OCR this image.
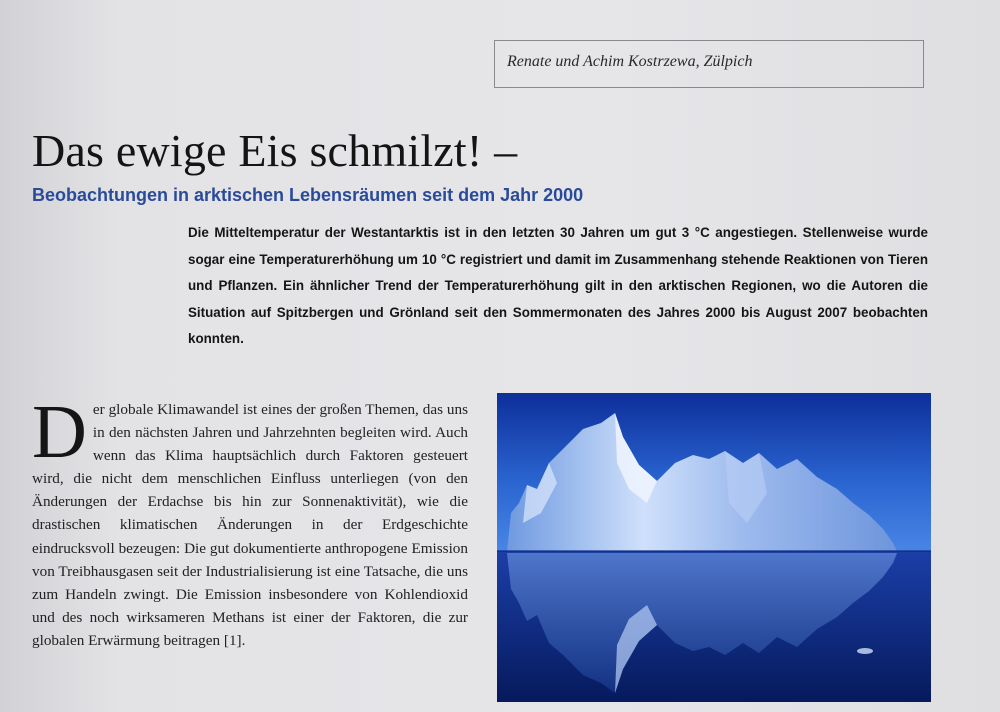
Renate und Achim Kostrzewa, Zülpich
Das ewige Eis schmilzt! –
Beobachtungen in arktischen Lebensräumen seit dem Jahr 2000

Die Mitteltemperatur der Westantarktis ist in den letzten 30 Jahren um gut 3 °C angestiegen. Stellenweise wurde sogar eine Temperaturerhöhung um 10 °C registriert und damit im Zusammenhang stehende Reaktionen von Tieren und Pflanzen. Ein ähnlicher Trend der Temperaturerhöhung gilt in den arktischen Regionen, wo die Autoren die Situation auf Spitzbergen und Grönland seit den Sommermonaten des Jahres 2000 bis August 2007 beobachten konnten.

Der globale Klimawandel ist eines der großen Themen, das uns in den nächsten Jahren und Jahrzehnten begleiten wird. Auch wenn das Klima hauptsächlich durch Faktoren gesteuert wird, die nicht dem menschlichen Einfluss unterliegen (von den Änderungen der Erdachse bis hin zur Sonnenaktivität), wie die drastischen klimatischen Änderungen in der Erdgeschichte eindrucksvoll bezeugen: Die gut dokumentierte anthropogene Emission von Treibhausgasen seit der Industrialisierung ist eine Tatsache, die uns zum Handeln zwingt. Die Emission insbesondere von Kohlendioxid und des noch wirksameren Methans ist einer der Faktoren, die zur globalen Erwärmung beitragen [1].
